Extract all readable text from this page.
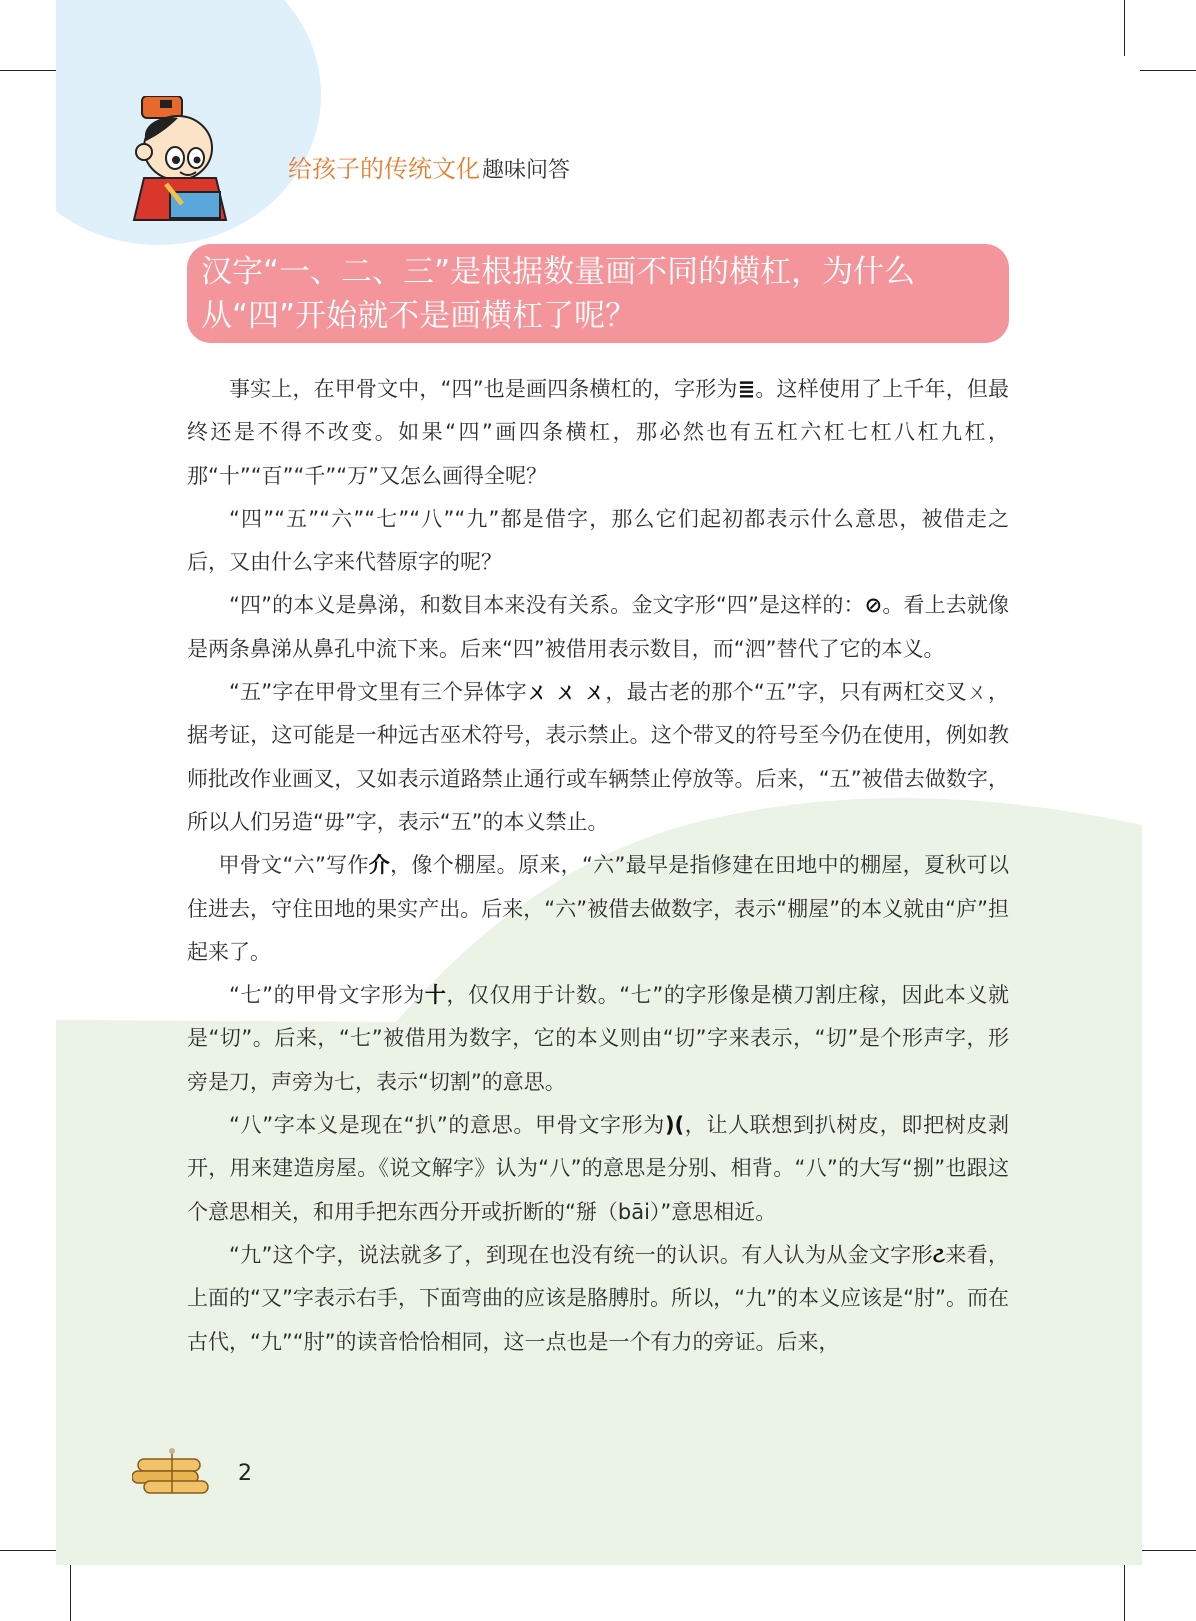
给孩子的传统文化趣味问答
汉字“一、二、三”是根据数量画不同的横杠，为什么从“四”开始就不是画横杠了呢？

事实上，在甲骨文中，“四”也是画四条横杠的，字形为≣。这样使用了上千年，但最终还是不得不改变。如果“四”画四条横杠，那必然也有五杠六杠七杠八杠九杠，那“十”“百”“千”“万”又怎么画得全呢？

“四”“五”“六”“七”“八”“九”都是借字，那么它们起初都表示什么意思，被借走之后，又由什么字来代替原字的呢？

“四”的本义是鼻涕，和数目本来没有关系。金文字形“四”是这样的：⊘。看上去就像是两条鼻涕从鼻孔中流下来。后来“四”被借用表示数目，而“泗”替代了它的本义。

“五”字在甲骨文里有三个异体字ㄨ ㄨ ㄨ，最古老的那个“五”字，只有两杠交叉ㄨ，据考证，这可能是一种远古巫术符号，表示禁止。这个带叉的符号至今仍在使用，例如教师批改作业画叉，又如表示道路禁止通行或车辆禁止停放等。后来，“五”被借去做数字，所以人们另造“毋”字，表示“五”的本义禁止。

甲骨文“六”写作介，像个棚屋。原来，“六”最早是指修建在田地中的棚屋，夏秋可以住进去，守住田地的果实产出。后来，“六”被借去做数字，表示“棚屋”的本义就由“庐”担起来了。

“七”的甲骨文字形为十，仅仅用于计数。“七”的字形像是横刀割庄稼，因此本义就是“切”。后来，“七”被借用为数字，它的本义则由“切”字来表示，“切”是个形声字，形旁是刀，声旁为七，表示“切割”的意思。

“八”字本义是现在“扒”的意思。甲骨文字形为)(，让人联想到扒树皮，即把树皮剥开，用来建造房屋。《说文解字》认为“八”的意思是分别、相背。“八”的大写“捌”也跟这个意思相关，和用手把东西分开或折断的“掰（bāi）”意思相近。

“九”这个字，说法就多了，到现在也没有统一的认识。有人认为从金文字形ટ来看，上面的“又”字表示右手，下面弯曲的应该是胳膊肘。所以，“九”的本义应该是“肘”。而在古代，“九”“肘”的读音恰恰相同，这一点也是一个有力的旁证。后来，

2
